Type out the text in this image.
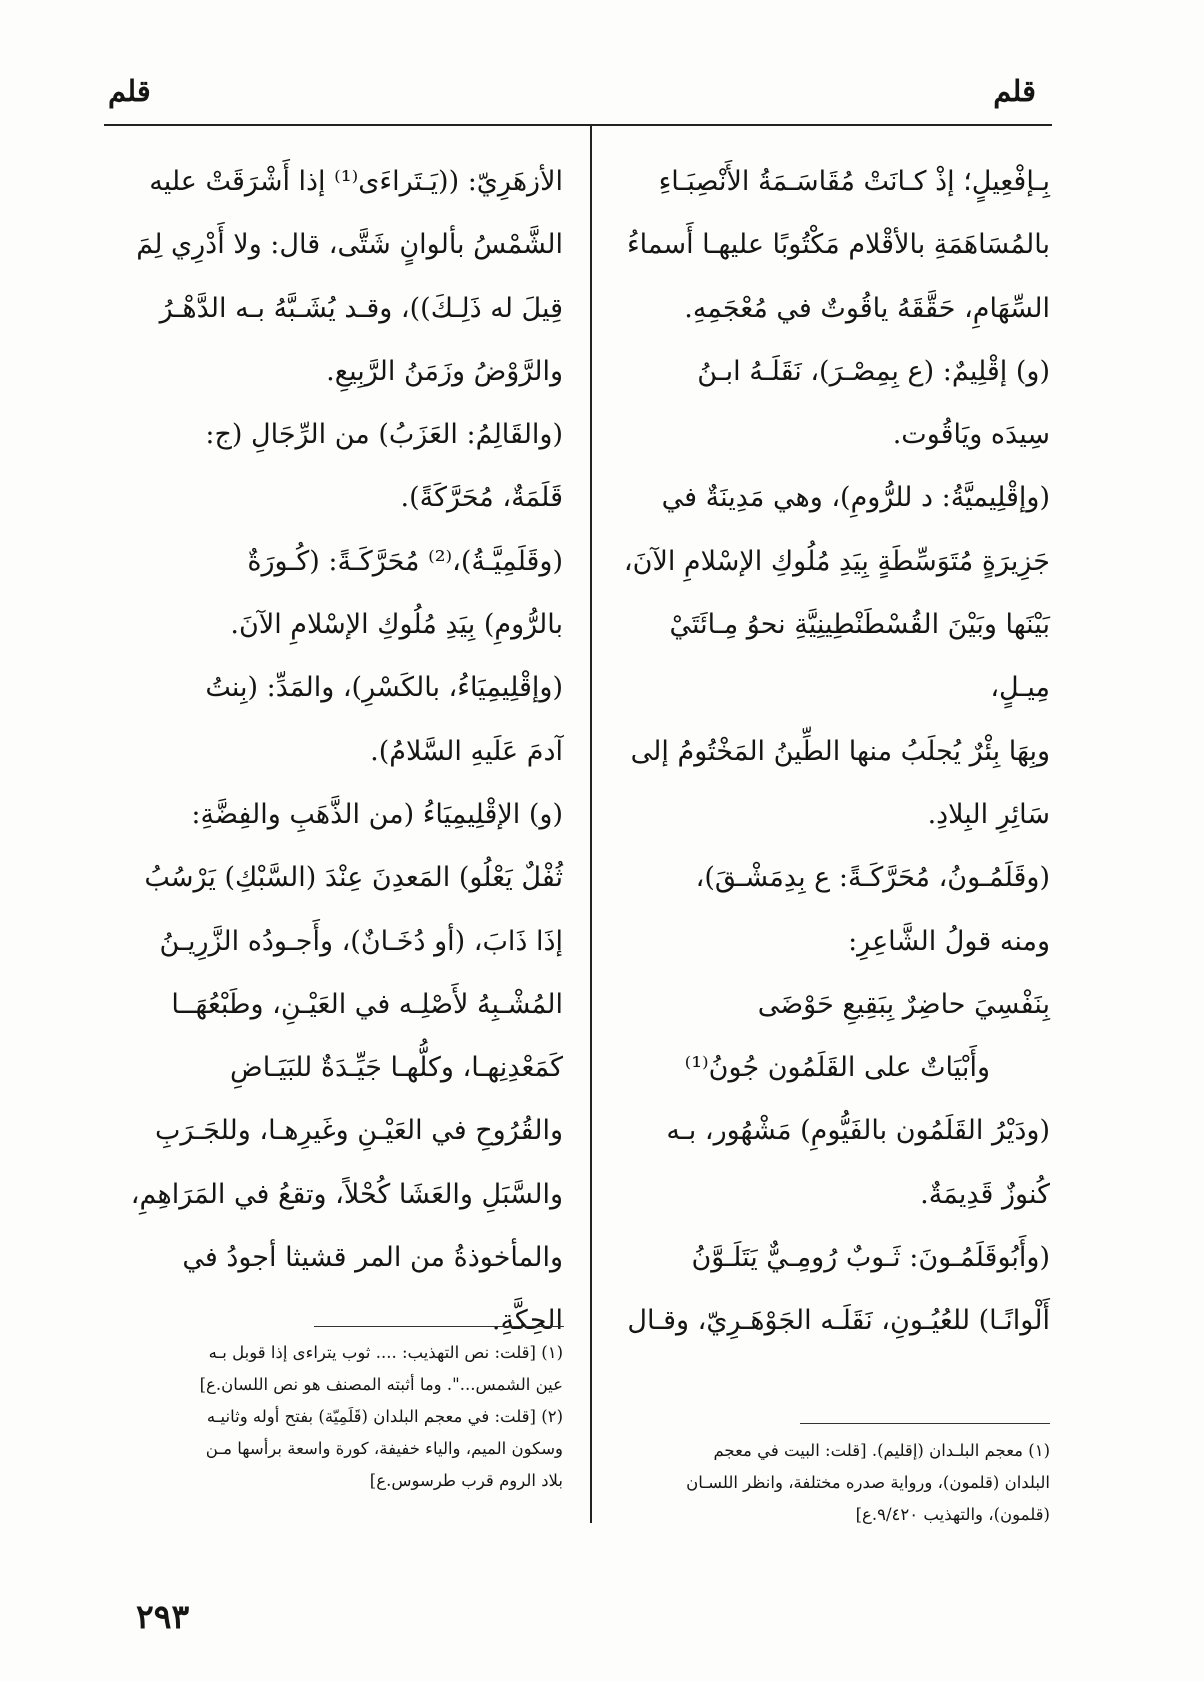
قلم
قلم

بِـإفْعِيلٍ؛ إذْ كـانَتْ مُقَاسَـمَةُ الأَنْصِبَـاءِ

بالمُسَاهَمَةِ بالأقْلام مَكْتُوبًا عليهـا أَسماءُ

السِّهَامِ، حَقَّقَهُ ياقُوتٌ في مُعْجَمِهِ.

(و) إقْلِيمٌ: (ع بِمِصْـرَ)، نَقَلَـهُ ابـنُ

سِيدَه ويَاقُوت.

(وإقْلِيميَّةُ: د للرُّومِ)، وهي مَدِينَةٌ في

جَزِيرَةٍ مُتَوَسِّطَةٍ بِيَدِ مُلُوكِ الإسْلامِ الآنَ،

بَيْنَها وبَيْنَ القُسْطَنْطِينِيَّةِ نحوُ مِـائَتَيْ مِيـلٍ،

وبِهَا بِئْرٌ يُجلَبُ منها الطِّينُ المَخْتُومُ إلى

سَائِرِ البِلادِ.

(وقَلَمُـونُ، مُحَرَّكَـةً: ع بِدِمَشْـقَ)،

ومنه قولُ الشَّاعِرِ:

بِنَفْسِيَ حاضِرٌ بِبَقِيعِ حَوْضَى

وأَبْيَاتٌ على القَلَمُون جُونُ⁽¹⁾

(ودَيْرُ القَلَمُون بالفَيُّومِ) مَشْهُور، بـه

كُنوزٌ قَدِيمَةٌ.

(وأَبُوقَلَمُـونَ: ثَـوبٌ رُومِـيٌّ يَتَلَـوَّنُ

أَلْوانًـا) للعُيُـونِ، نَقَلَـه الجَوْهَـرِيّ، وقـال

الأزهَرِيّ: ((يَـتَراءَى⁽¹⁾ إذا أَشْرَقَتْ عليه

الشَّمْسُ بألوانٍ شَتَّى، قال: ولا أَدْرِي لِمَ

قِيلَ له ذَلِـكَ))، وقـد يُشَـبَّهُ بـه الدَّهْـرُ

والرَّوْضُ وزَمَنُ الرَّبِيعِ.

(والقَالِمُ: العَزَبُ) من الرِّجَالِ (ج:

قَلَمَةٌ، مُحَرَّكَةً).

(وقَلَمِيَّـةُ)،⁽²⁾ مُحَرَّكَـةً: (كُـورَةٌ

بالرُّومِ) بِيَدِ مُلُوكِ الإسْلامِ الآنَ.

(وإقْلِيمِيَاءُ، بالكَسْرِ)، والمَدِّ: (بِنتُ

آدمَ عَلَيهِ السَّلامُ).

(و) الإقْلِيمِيَاءُ (من الذَّهَبِ والفِضَّةِ:

ثُفْلٌ يَعْلُو) المَعدِنَ عِنْدَ (السَّبْكِ) يَرْسُبُ

إذَا ذَابَ، (أو دُخَـانٌ)، وأَجـودُه الزَّرِيـنُ

المُشْـبِهُ لأَصْلِـه في العَيْـنِ، وطَبْعُهَــا

كَمَعْدِنِهـا، وكلُّهـا جَيِّـدَةٌ للبَيَـاضِ

والقُرُوحِ في العَيْـنِ وغَيرِهـا، وللجَـرَبِ

والسَّبَلِ والعَشَا كُحْلاً، وتقعُ في المَرَاهِمِ،

والمأخوذةُ من المر قشيثا أجودُ في الحِكَّةِ.

(١) معجم البلـدان (إقليم). [قلت: البيت في معجم

البلدان (قلمون)، ورواية صدره مختلفة، وانظر اللسـان

(قلمون)، والتهذيب ٩/٤٢٠.ع]

(١) [قلت: نص التهذيب: .... ثوب يتراءى إذا قوبل بـه

عين الشمس...". وما أثبته المصنف هو نص اللسان.ع]

(٢) [قلت: في معجم البلدان (قَلَمِيّة) بفتح أوله وثانيـه

وسكون الميم، والياء خفيفة، كورة واسعة برأسها مـن

بلاد الروم قرب طرسوس.ع]

٢٩٣
